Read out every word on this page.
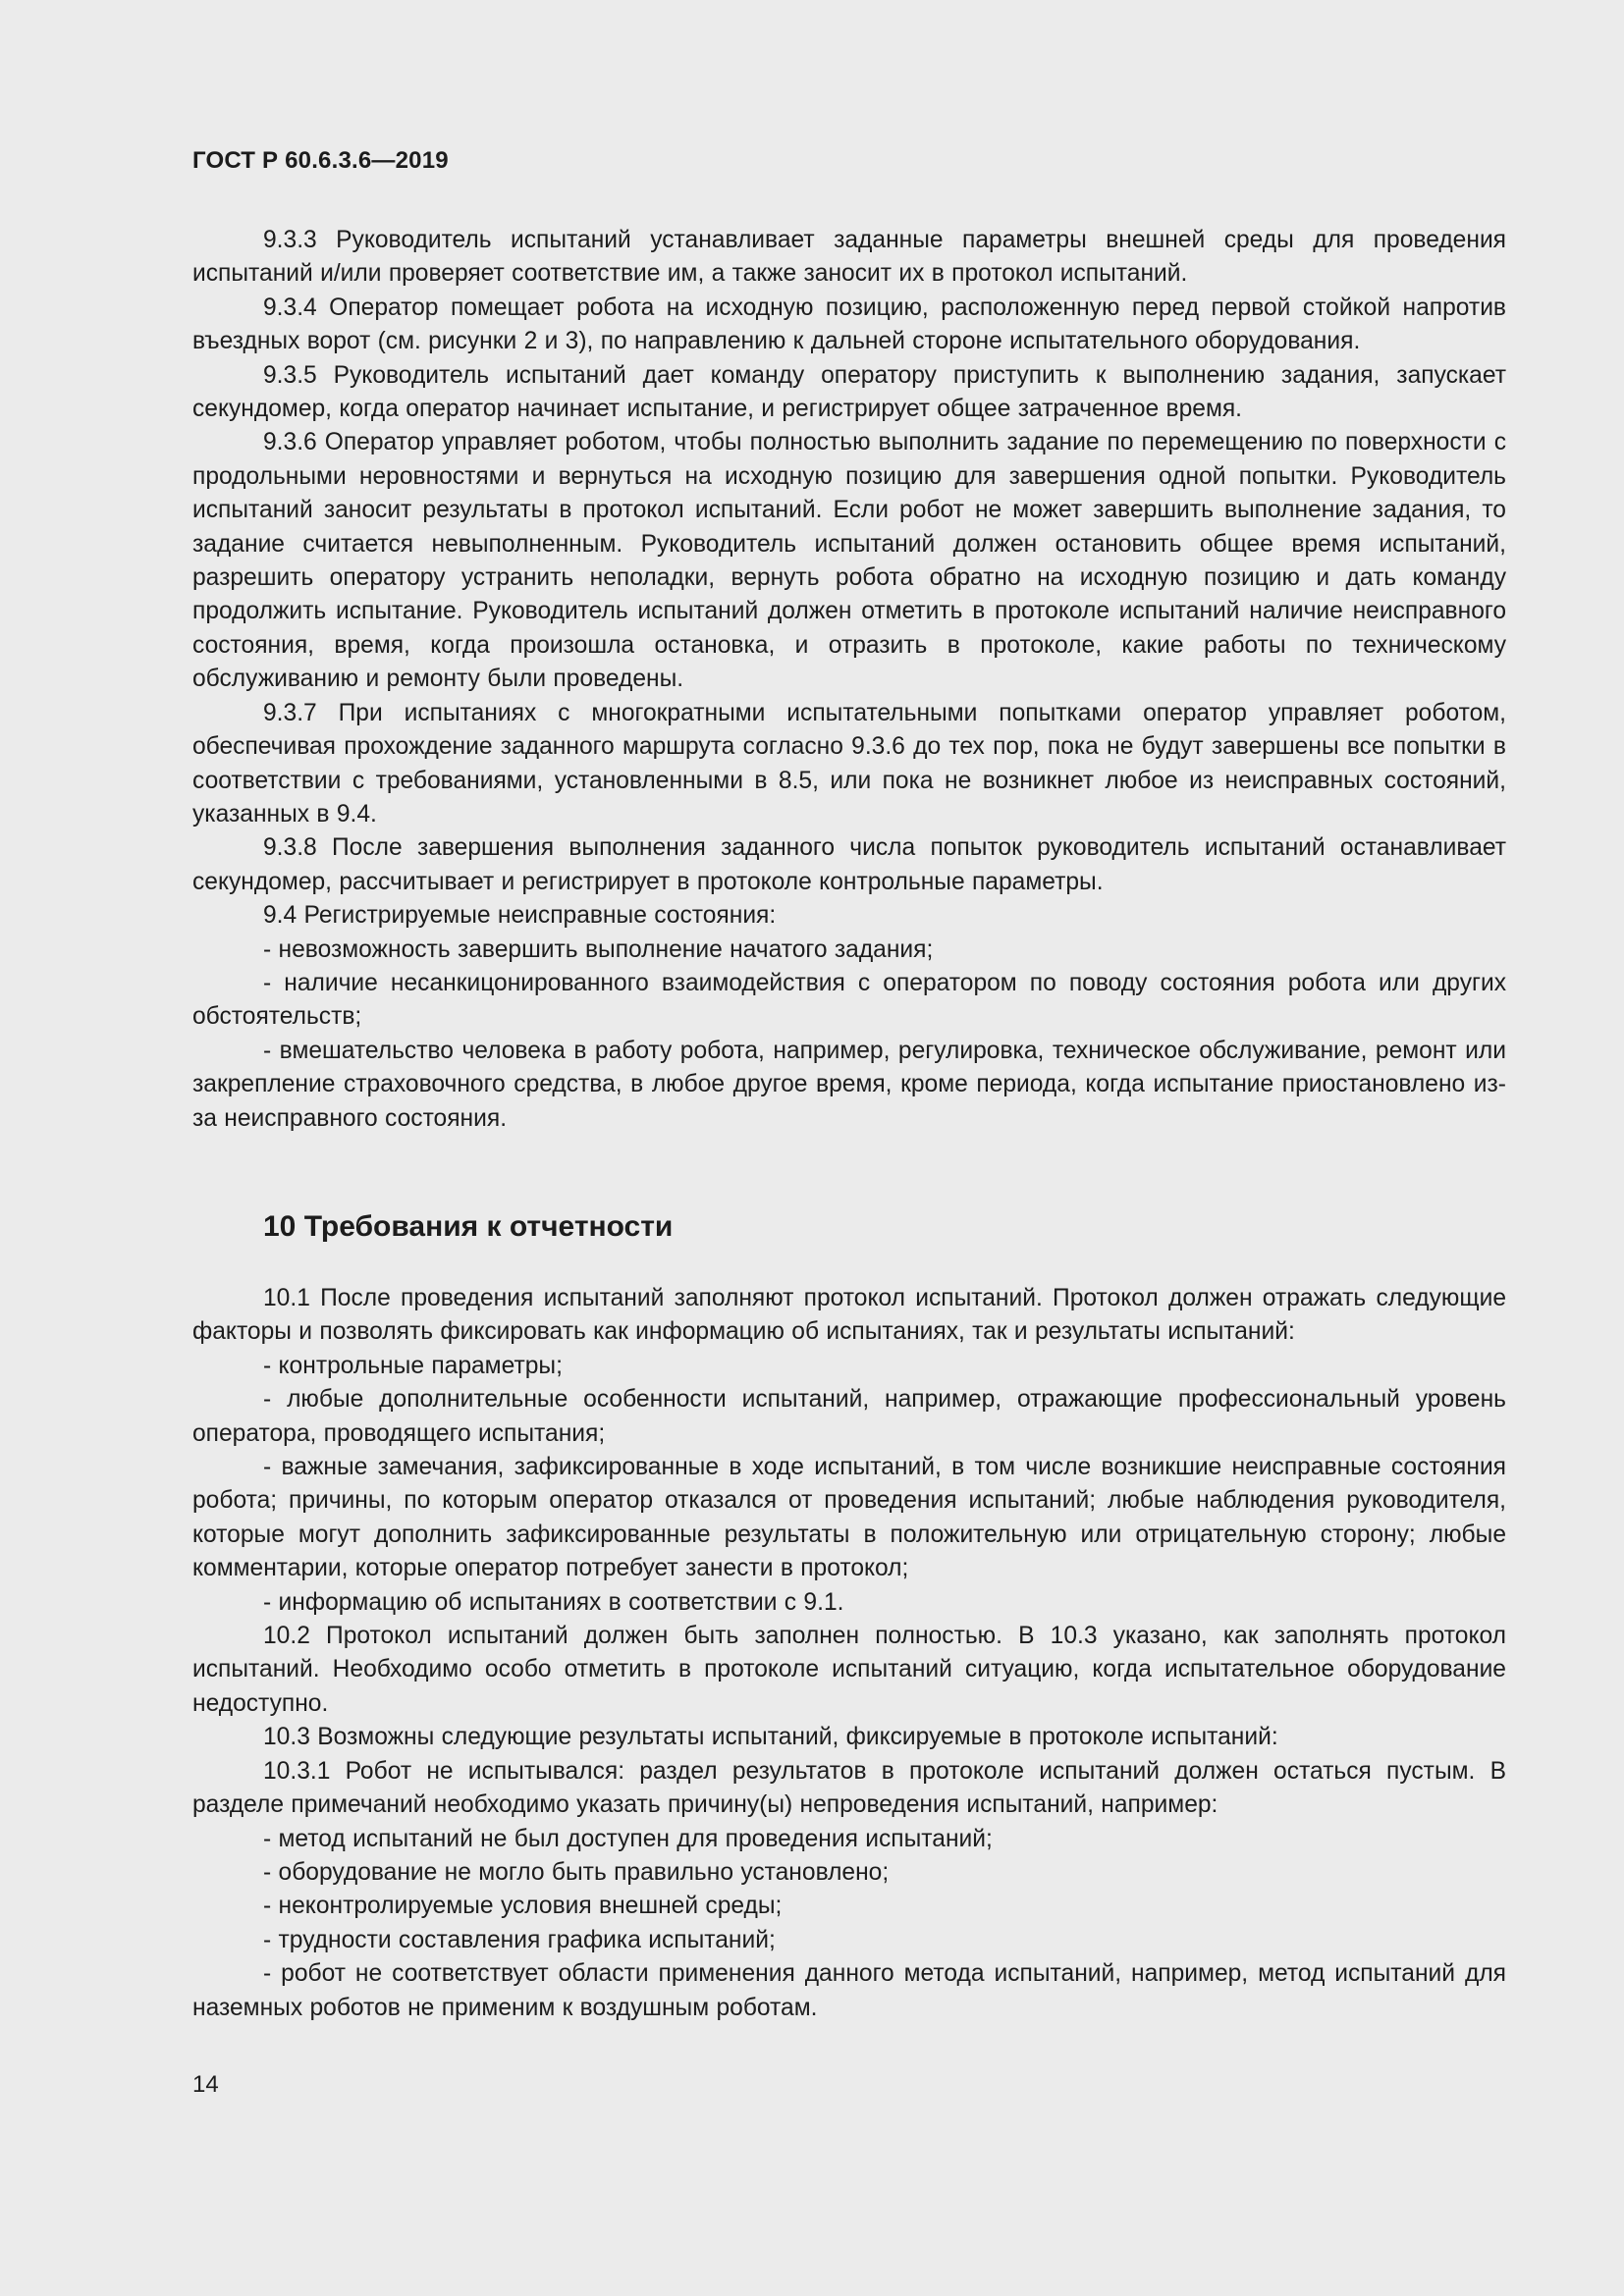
ГОСТ Р 60.6.3.6—2019

9.3.3 Руководитель испытаний устанавливает заданные параметры внешней среды для проведения испытаний и/или проверяет соответствие им, а также заносит их в протокол испытаний.

9.3.4 Оператор помещает робота на исходную позицию, расположенную перед первой стойкой напротив въездных ворот (см. рисунки 2 и 3), по направлению к дальней стороне испытательного оборудования.

9.3.5 Руководитель испытаний дает команду оператору приступить к выполнению задания, запускает секундомер, когда оператор начинает испытание, и регистрирует общее затраченное время.

9.3.6 Оператор управляет роботом, чтобы полностью выполнить задание по перемещению по поверхности с продольными неровностями и вернуться на исходную позицию для завершения одной попытки. Руководитель испытаний заносит результаты в протокол испытаний. Если робот не может завершить выполнение задания, то задание считается невыполненным. Руководитель испытаний должен остановить общее время испытаний, разрешить оператору устранить неполадки, вернуть робота обратно на исходную позицию и дать команду продолжить испытание. Руководитель испытаний должен отметить в протоколе испытаний наличие неисправного состояния, время, когда произошла остановка, и отразить в протоколе, какие работы по техническому обслуживанию и ремонту были проведены.

9.3.7 При испытаниях с многократными испытательными попытками оператор управляет роботом, обеспечивая прохождение заданного маршрута согласно 9.3.6 до тех пор, пока не будут завершены все попытки в соответствии с требованиями, установленными в 8.5, или пока не возникнет любое из неисправных состояний, указанных в 9.4.

9.3.8 После завершения выполнения заданного числа попыток руководитель испытаний останавливает секундомер, рассчитывает и регистрирует в протоколе контрольные параметры.

9.4 Регистрируемые неисправные состояния:

- невозможность завершить выполнение начатого задания;

- наличие несанкицонированного взаимодействия с оператором по поводу состояния робота или других обстоятельств;

- вмешательство человека в работу робота, например, регулировка, техническое обслуживание, ремонт или закрепление страховочного средства, в любое другое время, кроме периода, когда испытание приостановлено из-за неисправного состояния.

10 Требования к отчетности

10.1 После проведения испытаний заполняют протокол испытаний. Протокол должен отражать следующие факторы и позволять фиксировать как информацию об испытаниях, так и результаты испытаний:

- контрольные параметры;

- любые дополнительные особенности испытаний, например, отражающие профессиональный уровень оператора, проводящего испытания;

- важные замечания, зафиксированные в ходе испытаний, в том числе возникшие неисправные состояния робота; причины, по которым оператор отказался от проведения испытаний; любые наблюдения руководителя, которые могут дополнить зафиксированные результаты в положительную или отрицательную сторону; любые комментарии, которые оператор потребует занести в протокол;

- информацию об испытаниях в соответствии с 9.1.

10.2 Протокол испытаний должен быть заполнен полностью. В 10.3 указано, как заполнять протокол испытаний. Необходимо особо отметить в протоколе испытаний ситуацию, когда испытательное оборудование недоступно.

10.3 Возможны следующие результаты испытаний, фиксируемые в протоколе испытаний:

10.3.1 Робот не испытывался: раздел результатов в протоколе испытаний должен остаться пустым. В разделе примечаний необходимо указать причину(ы) непроведения испытаний, например:

- метод испытаний не был доступен для проведения испытаний;

- оборудование не могло быть правильно установлено;

- неконтролируемые условия внешней среды;

- трудности составления графика испытаний;

- робот не соответствует области применения данного метода испытаний, например, метод испытаний для наземных роботов не применим к воздушным роботам.

14
